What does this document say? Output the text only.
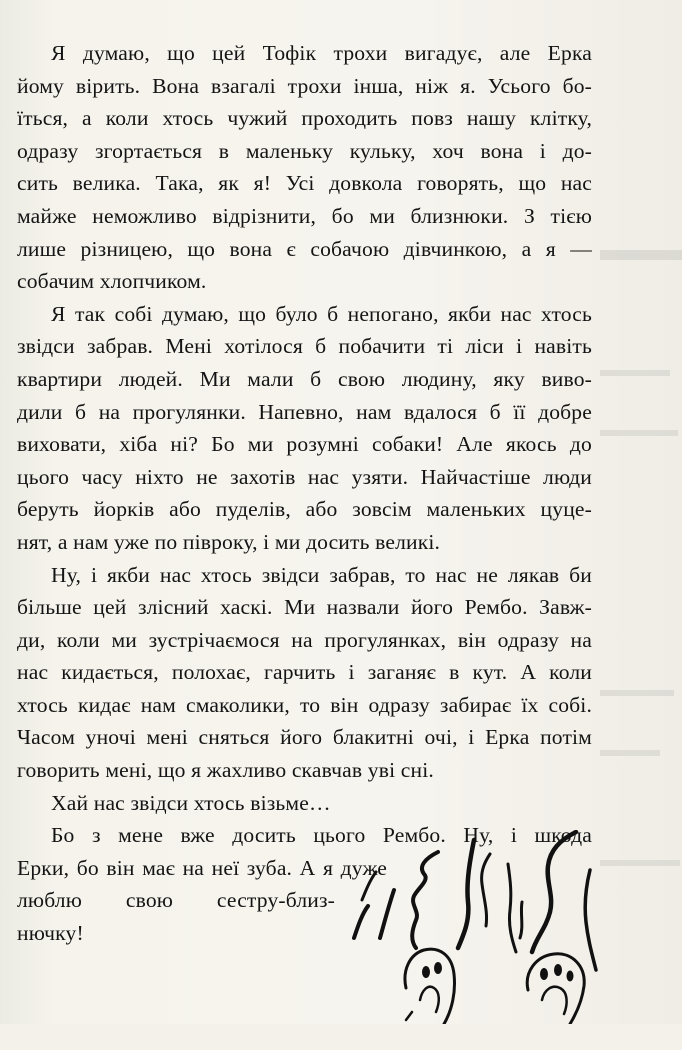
Я думаю, що цей Тофік трохи вигадує, але Ерка
йому вірить. Вона взагалі трохи інша, ніж я. Усього бо-
їться, а коли хтось чужий проходить повз нашу клітку,
одразу згортається в маленьку кульку, хоч вона і до-
сить велика. Така, як я! Усі довкола говорять, що нас
майже неможливо відрізнити, бо ми близнюки. З тією
лише різницею, що вона є собачою дівчинкою, а я —
собачим хлопчиком.
Я так собі думаю, що було б непогано, якби нас хтось
звідси забрав. Мені хотілося б побачити ті ліси і навіть
квартири людей. Ми мали б свою людину, яку виво-
дили б на прогулянки. Напевно, нам вдалося б її добре
виховати, хіба ні? Бо ми розумні собаки! Але якось до
цього часу ніхто не захотів нас узяти. Найчастіше люди
беруть йорків або пуделів, або зовсім маленьких цуце-
нят, а нам уже по півроку, і ми досить великі.
Ну, і якби нас хтось звідси забрав, то нас не лякав би
більше цей злісний хаскі. Ми назвали його Рембо. Завж-
ди, коли ми зустрічаємося на прогулянках, він одразу на
нас кидається, полохає, гарчить і заганяє в кут. А коли
хтось кидає нам смаколики, то він одразу забирає їх собі.
Часом уночі мені сняться його блакитні очі, і Ерка потім
говорить мені, що я жахливо скавчав уві сні.
Хай нас звідси хтось візьме…
Бо з мене вже досить цього Рембо. Ну, і шкода
Ерки, бо він має на неї зуба. А я дуже
люблю свою сестру-близ-
нючку!
